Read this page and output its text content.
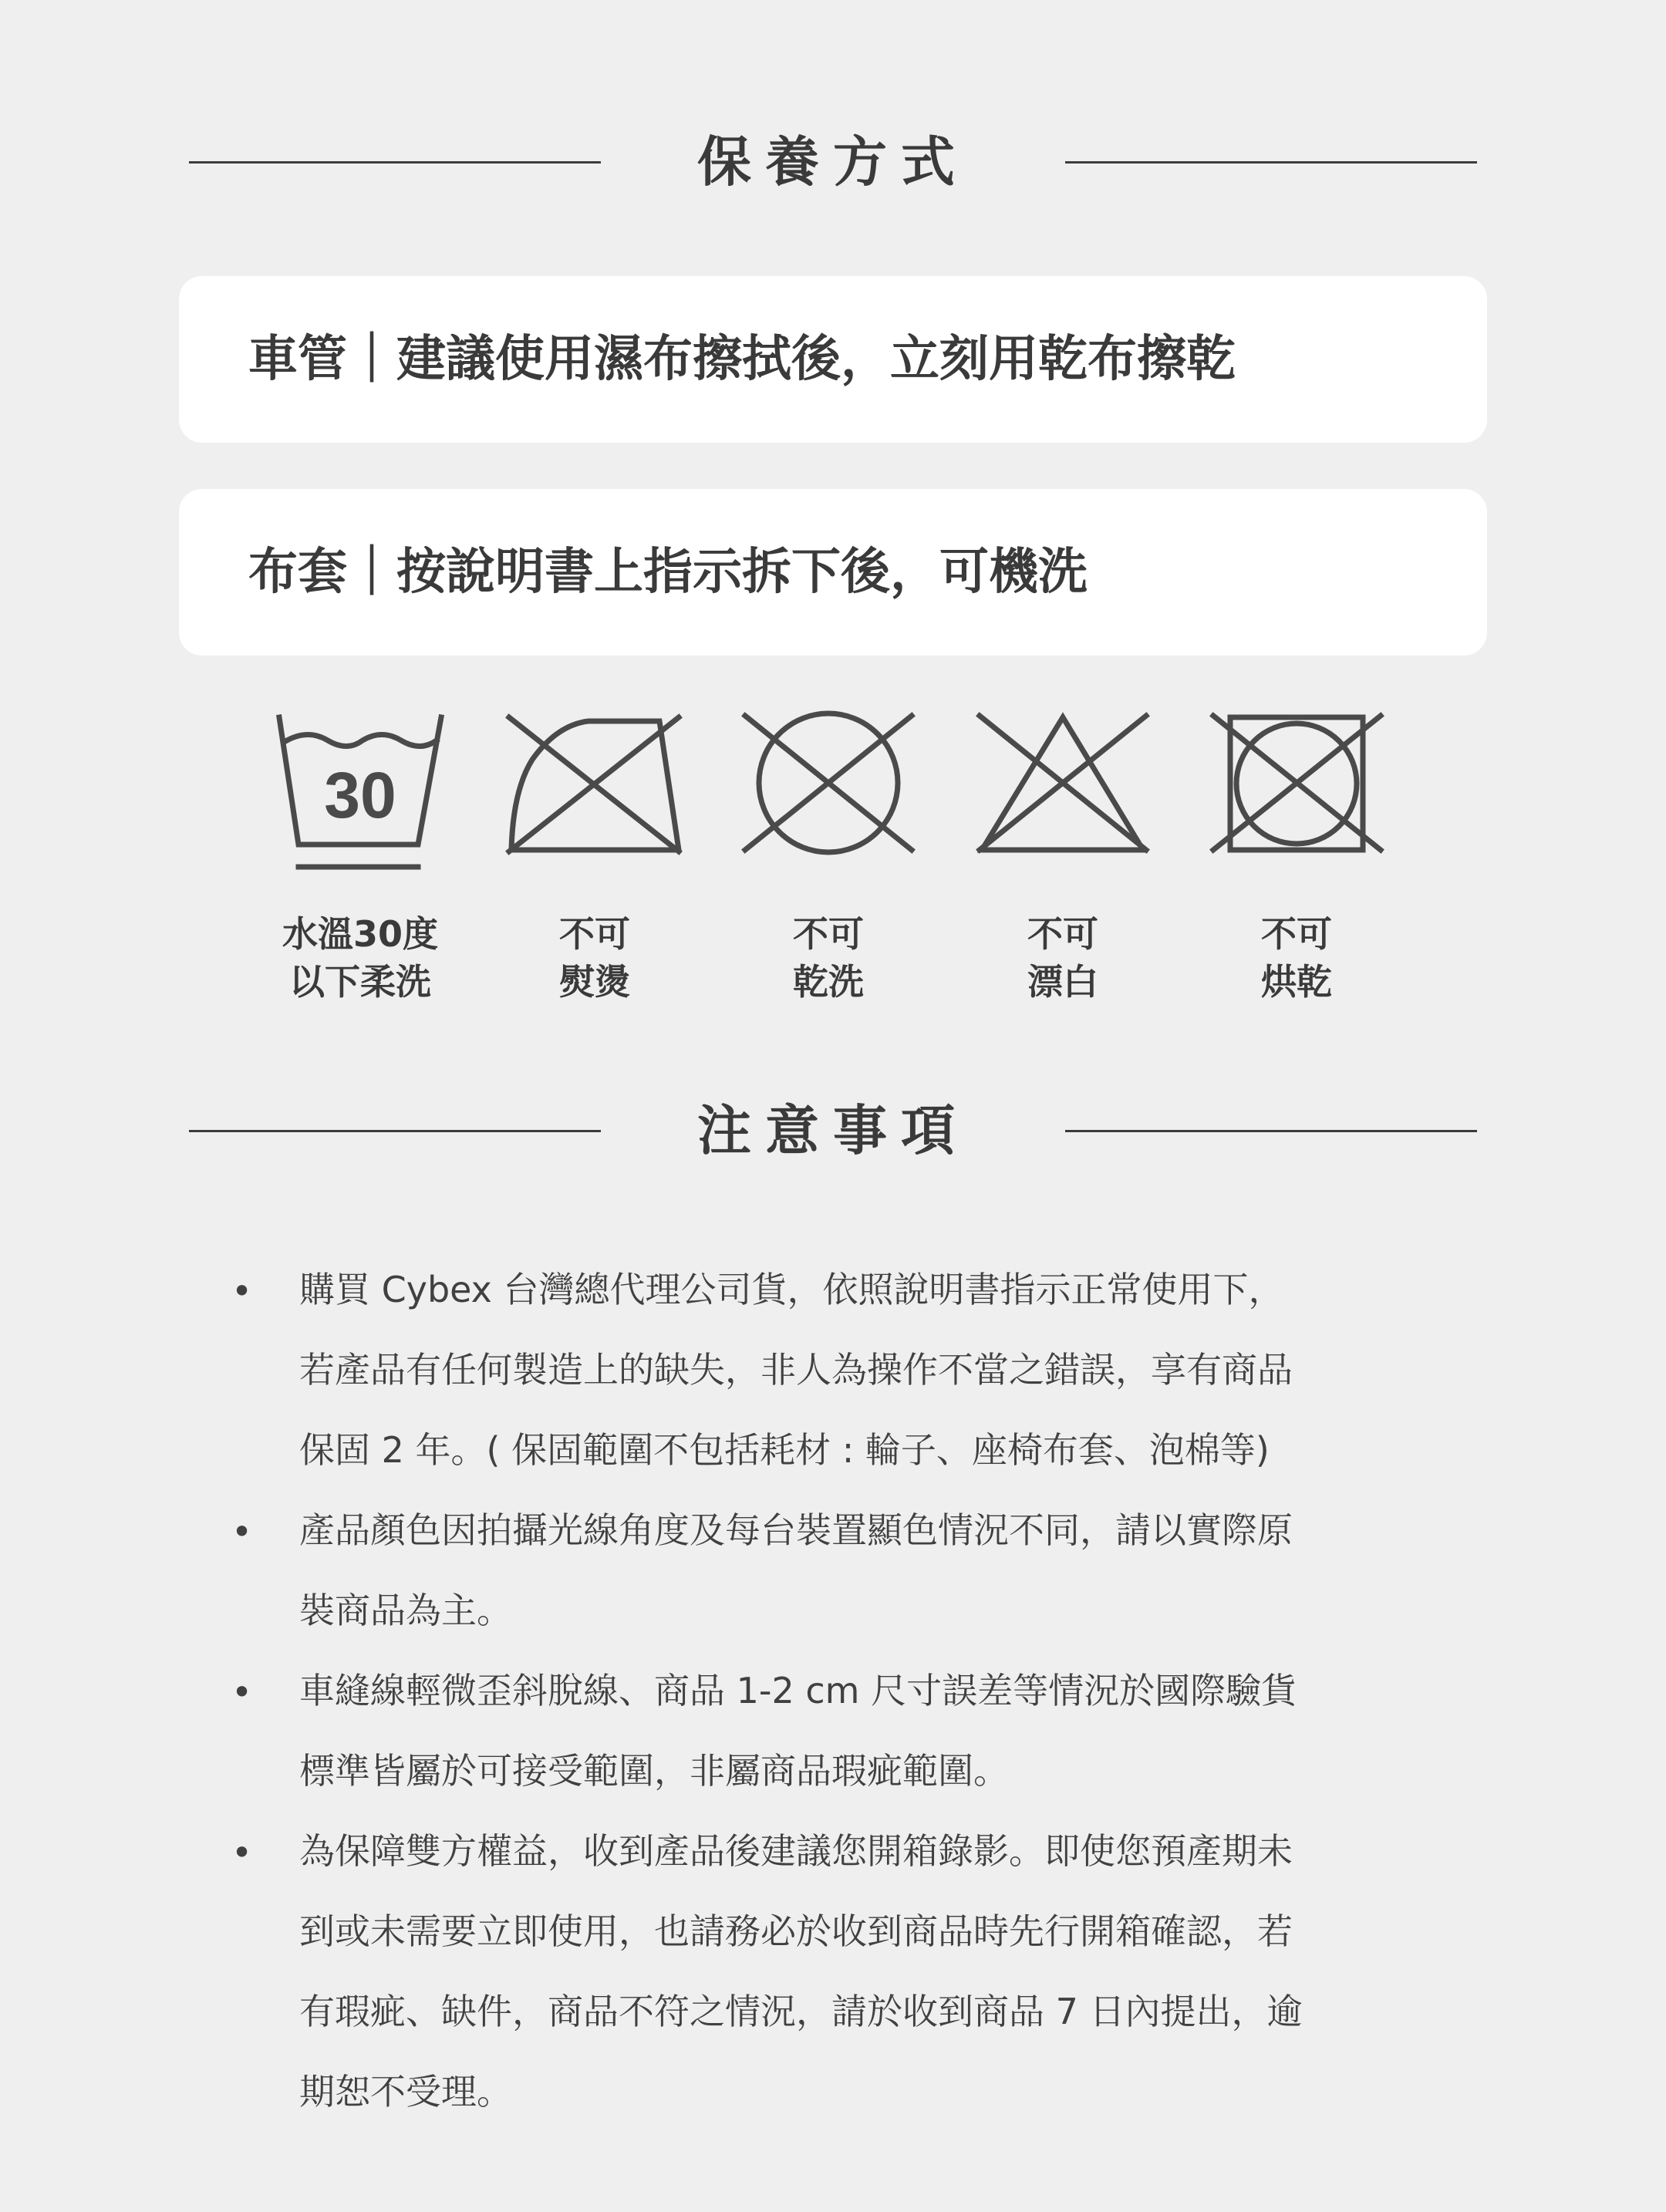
保養方式
車管｜建議使用濕布擦拭後，立刻用乾布擦乾
布套｜按說明書上指示拆下後，可機洗
30
水溫30度
以下柔洗
不可
熨燙
不可
乾洗
不可
漂白
不可
烘乾
注意事項
• 購買 Cybex 台灣總代理公司貨，依照說明書指示正常使用下，
若產品有任何製造上的缺失，非人為操作不當之錯誤，享有商品
保固 2 年。( 保固範圍不包括耗材 : 輪子、座椅布套、泡棉等)
• 產品顏色因拍攝光線角度及每台裝置顯色情況不同，請以實際原
裝商品為主。
• 車縫線輕微歪斜脫線、商品 1-2 cm 尺寸誤差等情況於國際驗貨
標準皆屬於可接受範圍，非屬商品瑕疵範圍。
• 為保障雙方權益，收到產品後建議您開箱錄影。即使您預產期未
到或未需要立即使用，也請務必於收到商品時先行開箱確認，若
有瑕疵、缺件，商品不符之情況，請於收到商品 7 日內提出，逾
期恕不受理。
